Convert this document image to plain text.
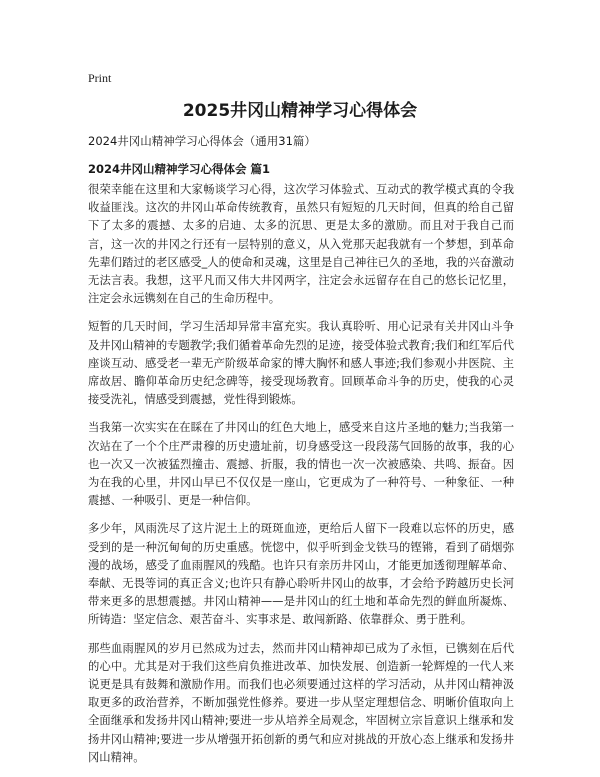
Print
2025井冈山精神学习心得体会

2024井冈山精神学习心得体会（通用31篇）

2024井冈山精神学习心得体会 篇1

很荣幸能在这里和大家畅谈学习心得，这次学习体验式、互动式的教学模式真的令我收益匪浅。这次的井冈山革命传统教育，虽然只有短短的几天时间，但真的给自己留下了太多的震撼、太多的启迪、太多的沉思、更是太多的激励。而且对于我自己而言，这一次的井冈之行还有一层特别的意义，从入党那天起我就有一个梦想，到革命先辈们踏过的老区感受_人的使命和灵魂，这里是自己神往已久的圣地，我的兴奋激动无法言表。我想，这平凡而又伟大井冈两字，注定会永远留存在自己的悠长记忆里，注定会永远镌刻在自己的生命历程中。

短暂的几天时间，学习生活却异常丰富充实。我认真聆听、用心记录有关井冈山斗争及井冈山精神的专题教学;我们循着革命先烈的足迹，接受体验式教育;我们和红军后代座谈互动、感受老一辈无产阶级革命家的博大胸怀和感人事迹;我们参观小井医院、主席故居、瞻仰革命历史纪念碑等，接受现场教育。回顾革命斗争的历史，使我的心灵接受洗礼，情感受到震撼，党性得到锻炼。

当我第一次实实在在睬在了井冈山的红色大地上，感受来自这片圣地的魅力;当我第一次站在了一个个庄严肃穆的历史遗址前，切身感受这一段段荡气回肠的故事，我的心也一次又一次被猛烈撞击、震撼、折服，我的情也一次一次被感染、共鸣、振奋。因为在我的心里，井冈山早已不仅仅是一座山，它更成为了一种符号、一种象征、一种震撼、一种吸引、更是一种信仰。

多少年，风雨洗尽了这片泥土上的斑斑血迹，更给后人留下一段难以忘怀的历史，感受到的是一种沉甸甸的历史重感。恍惚中，似乎听到金戈铁马的铿锵，看到了硝烟弥漫的战场，感受了血雨腥风的残酷。也许只有亲历井冈山，才能更加透彻理解革命、奉献、无畏等词的真正含义;也许只有静心聆听井冈山的故事，才会给予跨越历史长河带来更多的思想震撼。井冈山精神——是井冈山的红土地和革命先烈的鲜血所凝炼、所铸造：坚定信念、艰苦奋斗、实事求是、敢闯新路、依靠群众、勇于胜利。

那些血雨腥风的岁月已然成为过去，然而井冈山精神却已成为了永恒，已镌刻在后代的心中。尤其是对于我们这些肩负推进改革、加快发展、创造新一轮辉煌的一代人来说更是具有鼓舞和激励作用。而我们也必须要通过这样的学习活动，从井冈山精神汲取更多的政治营养，不断加强党性修养。要进一步从坚定理想信念、明晰价值取向上全面继承和发扬井冈山精神;要进一步从培养全局观念，牢固树立宗旨意识上继承和发扬井冈山精神;要进一步从增强开拓创新的勇气和应对挑战的开放心态上继承和发扬井冈山精神。
